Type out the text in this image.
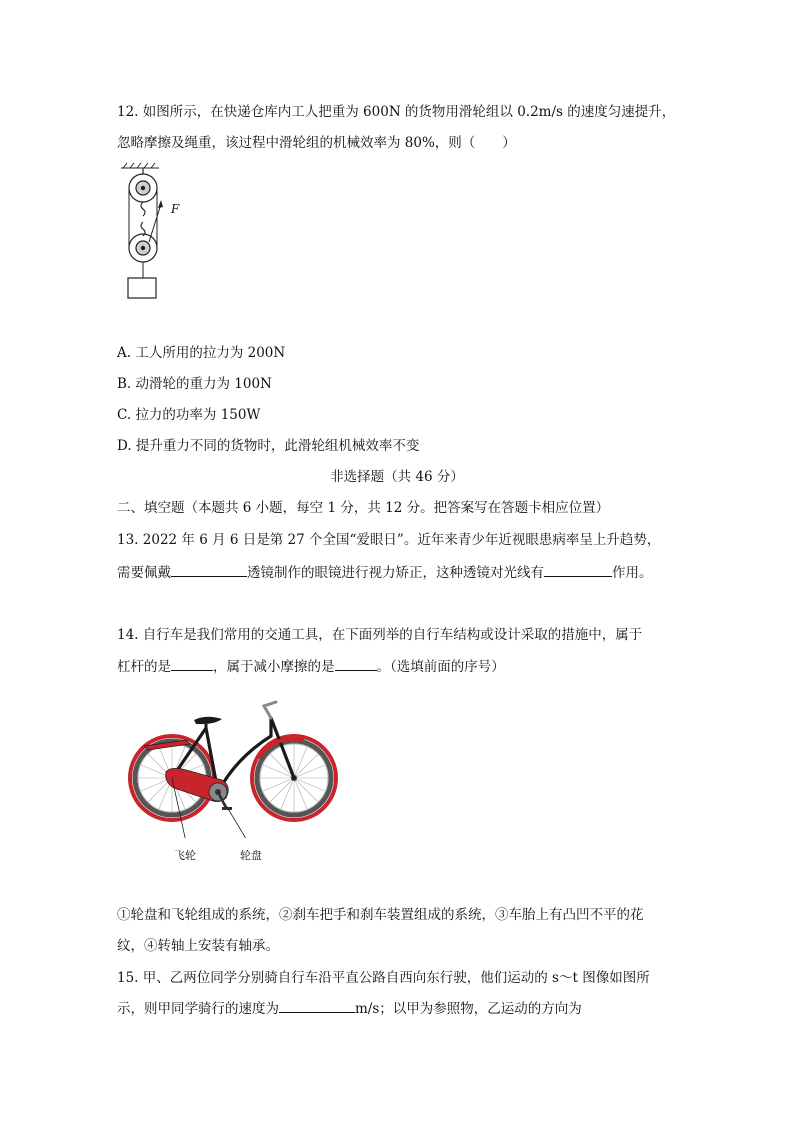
12. 如图所示，在快递仓库内工人把重为 600N 的货物用滑轮组以 0.2m/s 的速度匀速提升，
忽略摩擦及绳重，该过程中滑轮组的机械效率为 80%，则（　　）
F
A. 工人所用的拉力为 200N
B. 动滑轮的重力为 100N
C. 拉力的功率为 150W
D. 提升重力不同的货物时，此滑轮组机械效率不变
非选择题（共 46 分）
二、填空题（本题共 6 小题，每空 1 分，共 12 分。把答案写在答题卡相应位置）
13. 2022 年 6 月 6 日是第 27 个全国“爱眼日”。近年来青少年近视眼患病率呈上升趋势，
需要佩戴	透镜制作的眼镜进行视力矫正，这种透镜对光线有	作用。
14. 自行车是我们常用的交通工具，在下面列举的自行车结构或设计采取的措施中，属于
杠杆的是	，属于减小摩擦的是	。（选填前面的序号）
飞轮	轮盘
①轮盘和飞轮组成的系统，②刹车把手和刹车装置组成的系统，③车胎上有凸凹不平的花
纹，④转轴上安装有轴承。
15. 甲、乙两位同学分别骑自行车沿平直公路自西向东行驶，他们运动的 s～t 图像如图所
示，则甲同学骑行的速度为	m/s；以甲为参照物，乙运动的方向为
